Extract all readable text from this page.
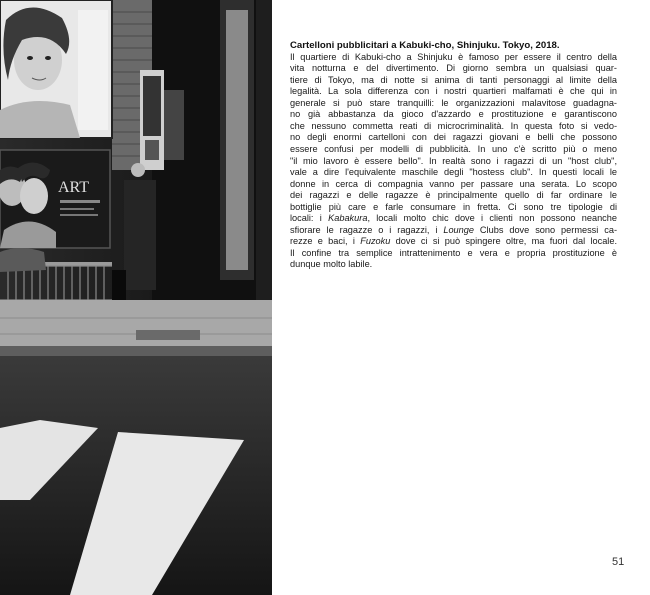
ART

Cartelloni pubblicitari a Kabuki-cho, Shinjuku. Tokyo, 2018.

Il quartiere di Kabuki-cho a Shinjuku è famoso per essere il centro della
vita notturna e del divertimento. Di giorno sembra un qualsiasi quar-
tiere di Tokyo, ma di notte si anima di tanti personaggi al limite della
legalità. La sola differenza con i nostri quartieri malfamati è che qui in
generale si può stare tranquilli: le organizzazioni malavitose guadagna-
no già abbastanza da gioco d'azzardo e prostituzione e garantiscono
che nessuno commetta reati di microcriminalità. In questa foto si vedo-
no degli enormi cartelloni con dei ragazzi giovani e belli che possono
essere confusi per modelli di pubblicità. In uno c'è scritto più o meno
"il mio lavoro è essere bello". In realtà sono i ragazzi di un "host club",
vale a dire l'equivalente maschile degli "hostess club". In questi locali le
donne in cerca di compagnia vanno per passare una serata. Lo scopo
dei ragazzi e delle ragazze è principalmente quello di far ordinare le
bottiglie più care e farle consumare in fretta. Ci sono tre tipologie di
locali: i Kabakura, locali molto chic dove i clienti non possono neanche
sfiorare le ragazze o i ragazzi, i Lounge Clubs dove sono permessi ca-
rezze e baci, i Fuzoku dove ci si può spingere oltre, ma fuori dal locale.
Il confine tra semplice intrattenimento e vera e propria prostituzione è
dunque molto labile.
51
